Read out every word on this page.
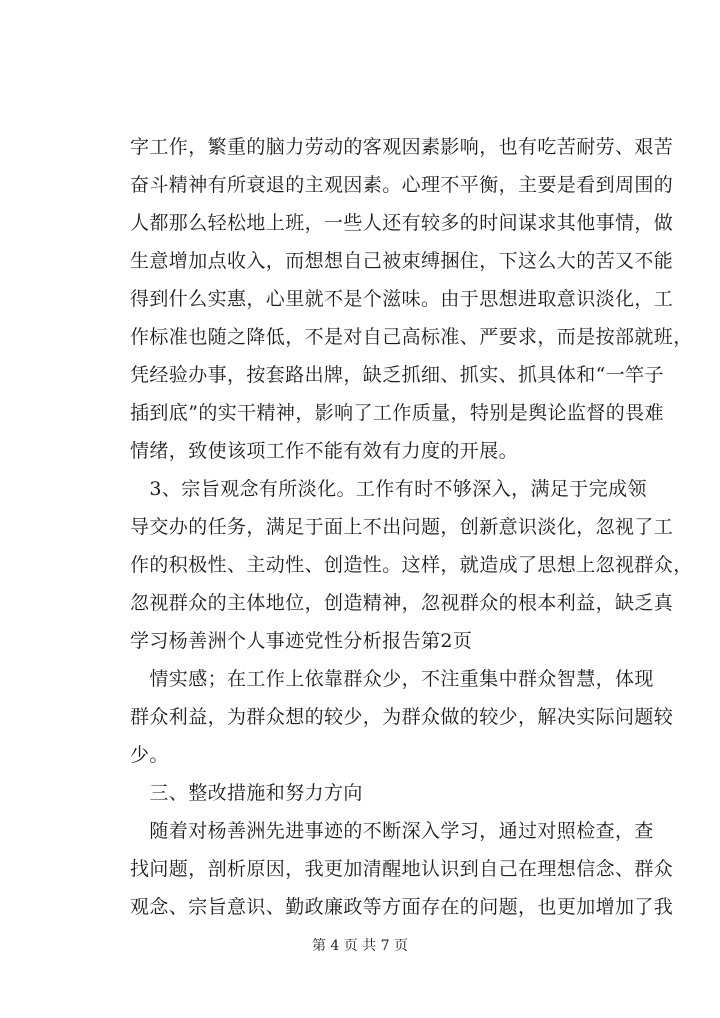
字工作，繁重的脑力劳动的客观因素影响，也有吃苦耐劳、艰苦
奋斗精神有所衰退的主观因素。心理不平衡，主要是看到周围的
人都那么轻松地上班，一些人还有较多的时间谋求其他事情，做
生意增加点收入，而想想自己被束缚捆住，下这么大的苦又不能
得到什么实惠，心里就不是个滋味。由于思想进取意识淡化，工
作标准也随之降低，不是对自己高标准、严要求，而是按部就班，
凭经验办事，按套路出牌，缺乏抓细、抓实、抓具体和“一竿子
插到底”的实干精神，影响了工作质量，特别是舆论监督的畏难
情绪，致使该项工作不能有效有力度的开展。
　3、宗旨观念有所淡化。工作有时不够深入，满足于完成领
导交办的任务，满足于面上不出问题，创新意识淡化，忽视了工
作的积极性、主动性、创造性。这样，就造成了思想上忽视群众，
忽视群众的主体地位，创造精神，忽视群众的根本利益，缺乏真
学习杨善洲个人事迹党性分析报告第2页
　情实感；在工作上依靠群众少，不注重集中群众智慧，体现
群众利益，为群众想的较少，为群众做的较少，解决实际问题较
少。
　三、整改措施和努力方向
　随着对杨善洲先进事迹的不断深入学习，通过对照检查，查
找问题，剖析原因，我更加清醒地认识到自己在理想信念、群众
观念、宗旨意识、勤政廉政等方面存在的问题，也更加增加了我
第 4 页 共 7 页
